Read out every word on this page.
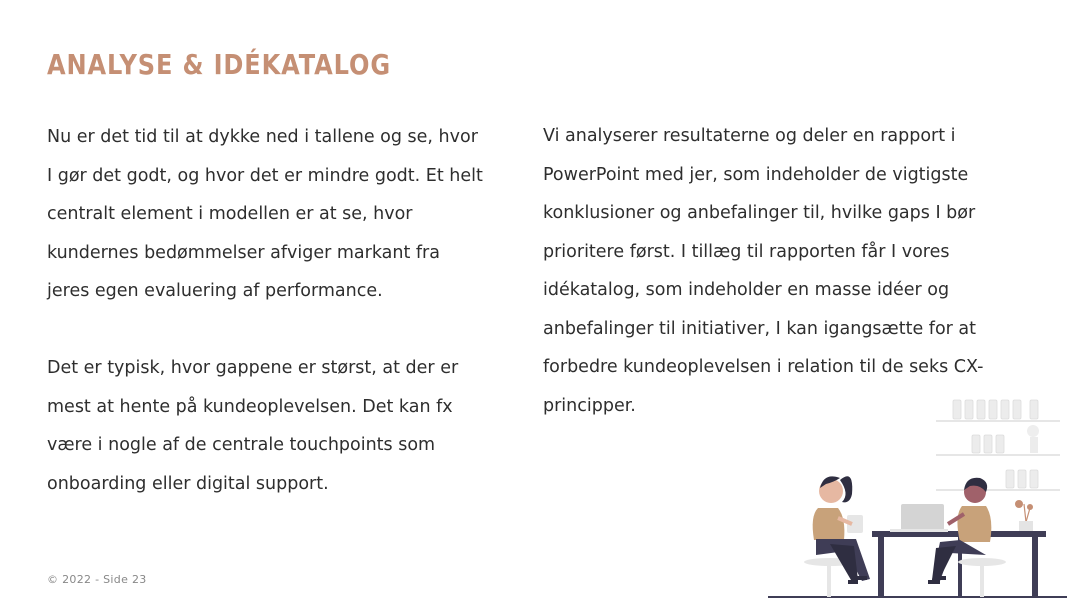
ANALYSE & IDÉKATALOG

Nu er det tid til at dykke ned i tallene og se, hvor I gør det godt, og hvor det er mindre godt. Et helt centralt element i modellen er at se, hvor kundernes bedømmelser afviger markant fra jeres egen evaluering af performance.

Det er typisk, hvor gappene er størst, at der er mest at hente på kundeoplevelsen. Det kan fx være i nogle af de centrale touchpoints som onboarding eller digital support.

Vi analyserer resultaterne og deler en rapport i PowerPoint med jer, som indeholder de vigtigste konklusioner og anbefalinger til, hvilke gaps I bør prioritere først. I tillæg til rapporten får I vores idékatalog, som indeholder en masse idéer og anbefalinger til initiativer, I kan igangsætte for at forbedre kundeoplevelsen i relation til de seks CX-principper.

© 2022 - Side 23
